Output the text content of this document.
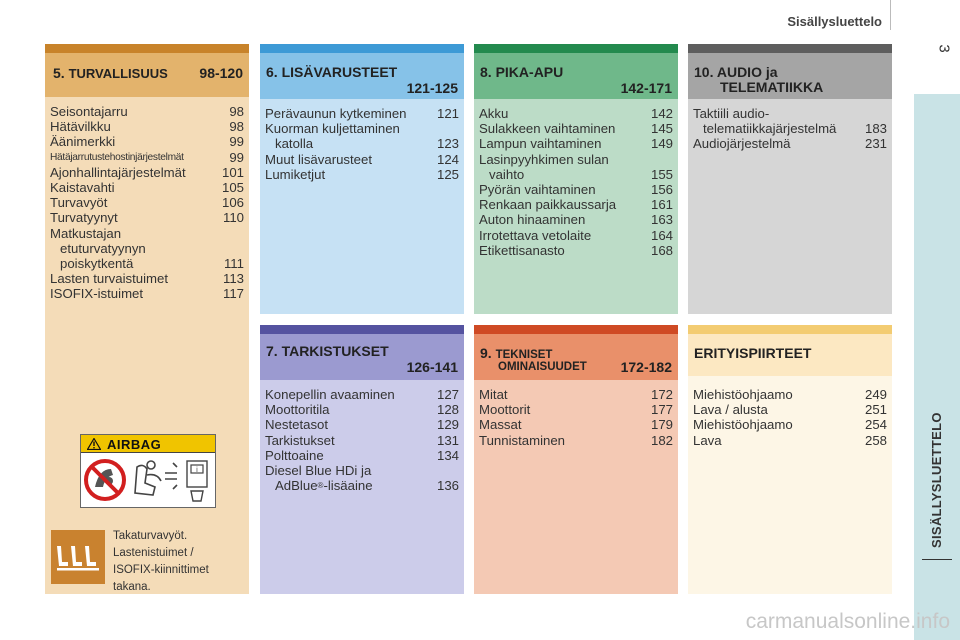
Sisällysluettelo
3
SISÄLLYSLUETTELO
5. TURVALLISUUS 98-120
Seisontajarru	98
Hätävilkku	98
Äänimerkki	99
Hätäjarrutustehostinjärjestelmät	99
Ajonhallintajärjestelmät	101
Kaistavahti	105
Turvavyöt	106
Turvatyynyt	110
Matkustajan
etuturvatyynyn
poiskytkentä	111
Lasten turvaistuimet	113
ISOFIX-istuimet	117
6. LISÄVARUSTEET
121-125
Perävaunun kytkeminen	121
Kuorman kuljettaminen
katolla	123
Muut lisävarusteet	124
Lumiketjut	125
8. PIKA-APU
142-171
Akku	142
Sulakkeen vaihtaminen	145
Lampun vaihtaminen	149
Lasinpyyhkimen sulan
vaihto	155
Pyörän vaihtaminen	156
Renkaan paikkaussarja	161
Auton hinaaminen	163
Irrotettava vetolaite	164
Etikettisanasto	168
10. AUDIO ja
TELEMATIIKKA
Taktiili audio-
telematiikkajärjestelmä	183
Audiojärjestelmä	231
7. TARKISTUKSET
126-141
Konepellin avaaminen	127
Moottoritila	128
Nestetasot	129
Tarkistukset	131
Polttoaine	134
Diesel Blue HDi ja
AdBlue ® -lisäaine	136
9. TEKNISET
OMINAISUUDET 172-182
Mitat	172
Moottorit	177
Massat	179
Tunnistaminen	182
ERITYISPIIRTEET
Miehistöohjaamo	249
Lava / alusta	251
Miehistöohjaamo	254
Lava	258
AIRBAG
i
Takaturvavyöt.
Lastenistuimet /
ISOFIX-kiinnittimet
takana.
carmanualsonline.info
